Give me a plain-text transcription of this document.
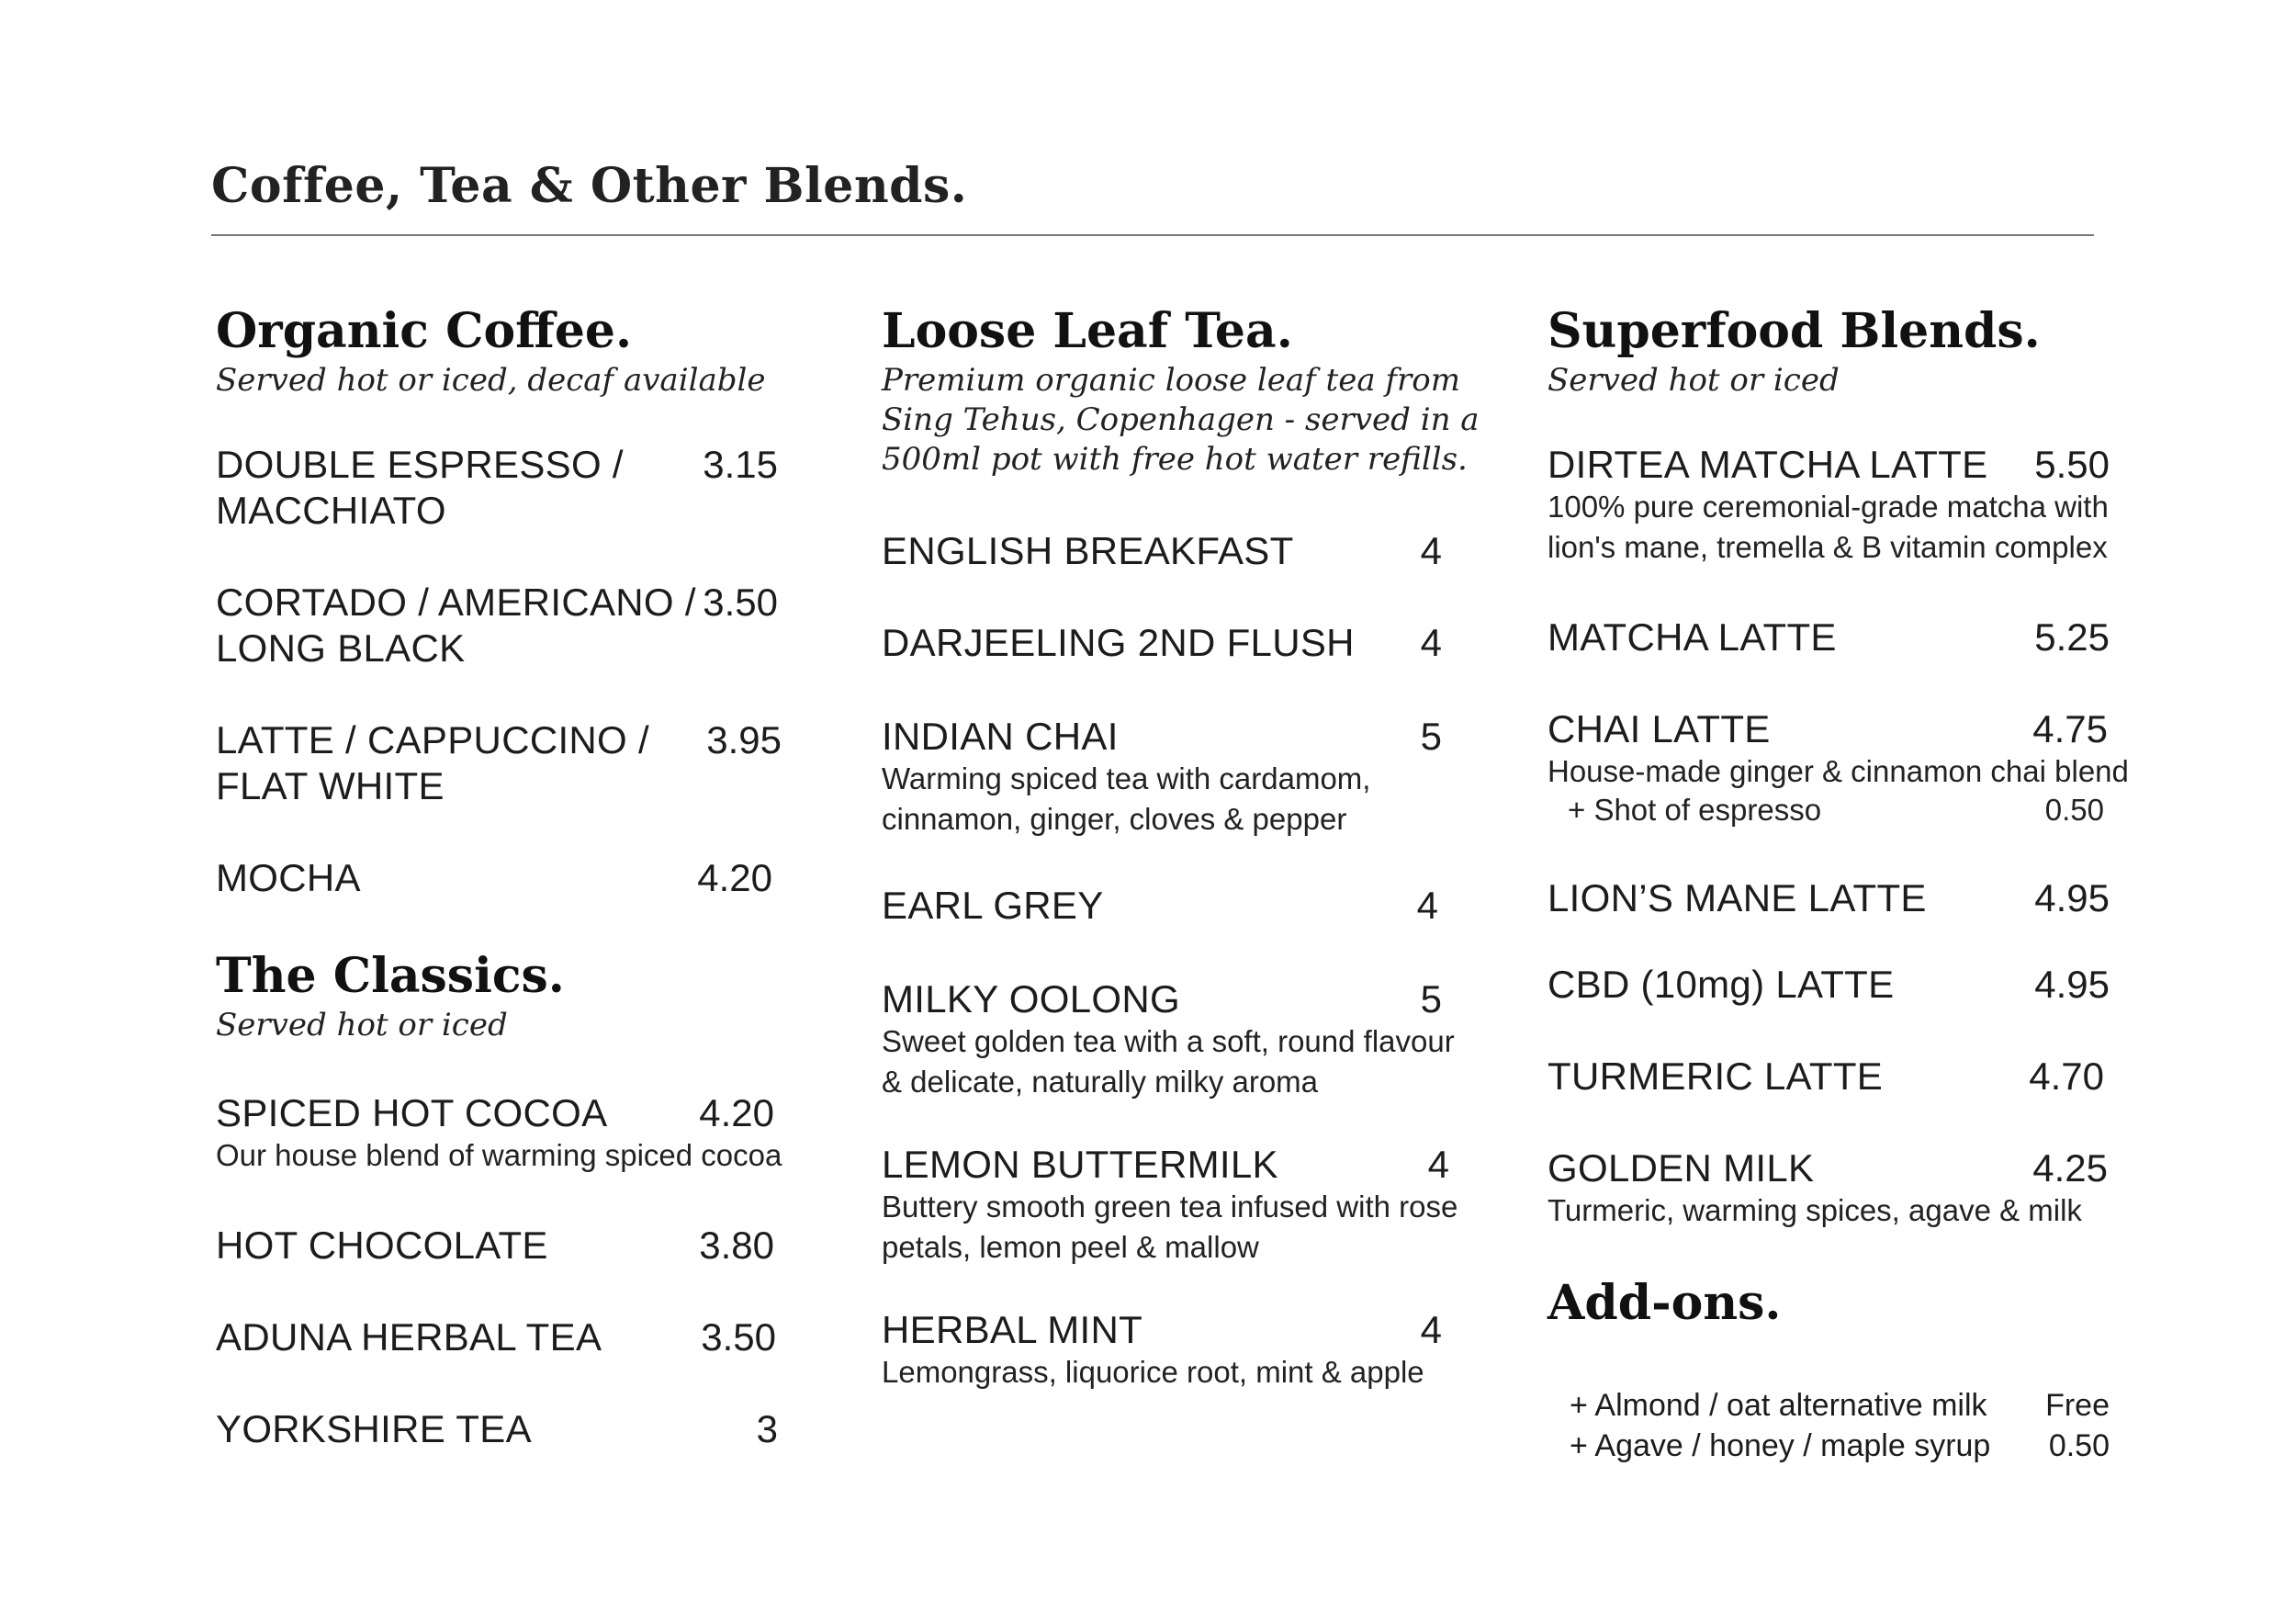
Coffee, Tea & Other Blends.
Organic Coffee.
Served hot or iced, decaf available
DOUBLE ESPRESSO / 3.15
MACCHIATO
CORTADO / AMERICANO / 3.50
LONG BLACK
LATTE / CAPPUCCINO / 3.95
FLAT WHITE
MOCHA	4.20
The Classics.
Served hot or iced
SPICED HOT COCOA 4.20
Our house blend of warming spiced cocoa
HOT CHOCOLATE	3.80
ADUNA HERBAL TEA	3.50
YORKSHIRE TEA	3
Loose Leaf Tea.
Premium organic loose leaf tea from
Sing Tehus, Copenhagen - served in a
500ml pot with free hot water refills.
ENGLISH BREAKFAST	4
DARJEELING 2ND FLUSH 4
INDIAN CHAI	5
Warming spiced tea with cardamom,
cinnamon, ginger, cloves & pepper
EARL GREY	4
MILKY OOLONG	5
Sweet golden tea with a soft, round flavour
& delicate, naturally milky aroma
LEMON BUTTERMILK	4
Buttery smooth green tea infused with rose
petals, lemon peel & mallow
HERBAL MINT	4
Lemongrass, liquorice root, mint & apple
Superfood Blends.
Served hot or iced
DIRTEA MATCHA LATTE 5.50
100% pure ceremonial-grade matcha with
lion's mane, tremella & B vitamin complex
MATCHA LATTE	5.25
CHAI LATTE	4.75
House-made ginger & cinnamon chai blend
+ Shot of espresso	0.50
LION’S MANE LATTE	4.95
CBD (10mg) LATTE	4.95
TURMERIC LATTE	4.70
GOLDEN MILK	4.25
Turmeric, warming spices, agave & milk
Add-ons.
+ Almond / oat alternative milk Free
+ Agave / honey / maple syrup 0.50
